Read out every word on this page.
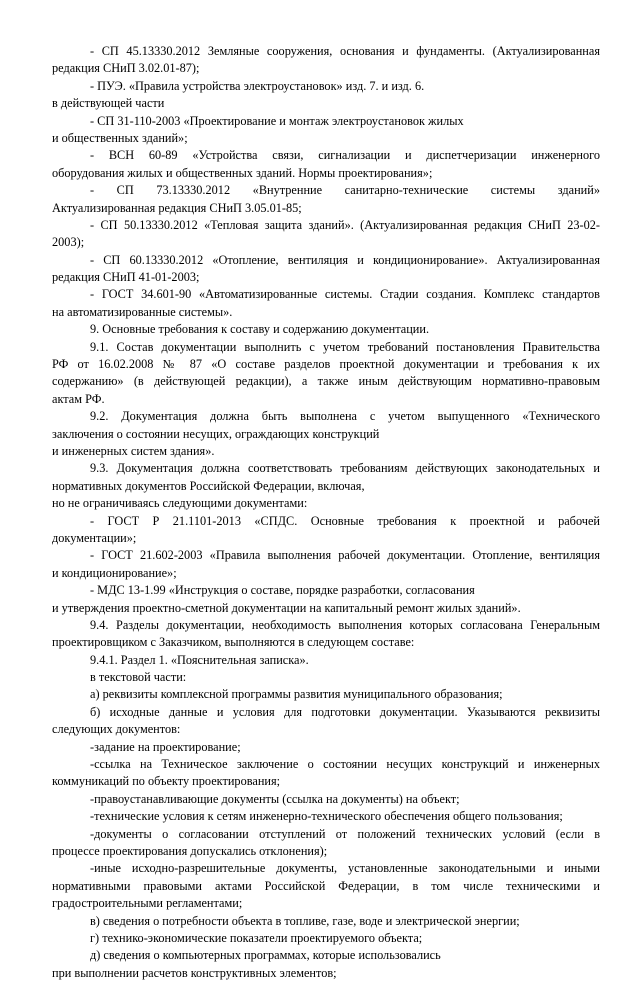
- СП 45.13330.2012 Земляные сооружения, основания и фундаменты. (Актуализированная
редакция СНиП 3.02.01-87);
- ПУЭ. «Правила устройства электроустановок» изд. 7. и изд. 6.
в действующей части
- СП 31-110-2003 «Проектирование и монтаж электроустановок жилых
и общественных зданий»;
- ВСН 60-89 «Устройства связи, сигнализации и диспетчеризации инженерного
оборудования жилых и общественных зданий. Нормы проектирования»;
- СП 73.13330.2012 «Внутренние санитарно-технические системы зданий»
Актуализированная редакция СНиП 3.05.01-85;
- СП 50.13330.2012 «Тепловая защита зданий». (Актуализированная редакция СНиП 23-02-
2003);
- СП 60.13330.2012 «Отопление, вентиляция и кондиционирование». Актуализированная
редакция СНиП 41-01-2003;
- ГОСТ 34.601-90 «Автоматизированные системы. Стадии создания. Комплекс стандартов
на автоматизированные системы».
9. Основные требования к составу и содержанию документации.
9.1. Состав документации выполнить с учетом требований постановления Правительства
РФ от 16.02.2008 № 87 «О составе разделов проектной документации и требования к их
содержанию» (в действующей редакции), а также иным действующим нормативно-правовым
актам РФ.
9.2. Документация должна быть выполнена с учетом выпущенного «Технического
заключения о состоянии несущих, ограждающих конструкций
и инженерных систем здания».
9.3. Документация должна соответствовать требованиям действующих законодательных и
нормативных документов Российской Федерации, включая,
но не ограничиваясь следующими документами:
- ГОСТ Р 21.1101-2013 «СПДС. Основные требования к проектной и рабочей
документации»;
- ГОСТ 21.602-2003 «Правила выполнения рабочей документации. Отопление, вентиляция
и кондиционирование»;
- МДС 13-1.99 «Инструкция о составе, порядке разработки, согласования
и утверждения проектно-сметной документации на капитальный ремонт жилых зданий».
9.4. Разделы документации, необходимость выполнения которых согласована Генеральным
проектировщиком с Заказчиком, выполняются в следующем составе:
9.4.1. Раздел 1. «Пояснительная записка».
в текстовой части:
а) реквизиты комплексной программы развития муниципального образования;
б) исходные данные и условия для подготовки документации. Указываются реквизиты
следующих документов:
-задание на проектирование;
-ссылка на Техническое заключение о состоянии несущих конструкций и инженерных
коммуникаций по объекту проектирования;
-правоустанавливающие документы (ссылка на документы) на объект;
-технические условия к сетям инженерно-технического обеспечения общего пользования;
-документы о согласовании отступлений от положений технических условий (если в
процессе проектирования допускались отклонения);
-иные исходно-разрешительные документы, установленные законодательными и иными
нормативными правовыми актами Российской Федерации, в том числе техническими и
градостроительными регламентами;
в) сведения о потребности объекта в топливе, газе, воде и электрической энергии;
г) технико-экономические показатели проектируемого объекта;
д) сведения о компьютерных программах, которые использовались
при выполнении расчетов конструктивных элементов;
